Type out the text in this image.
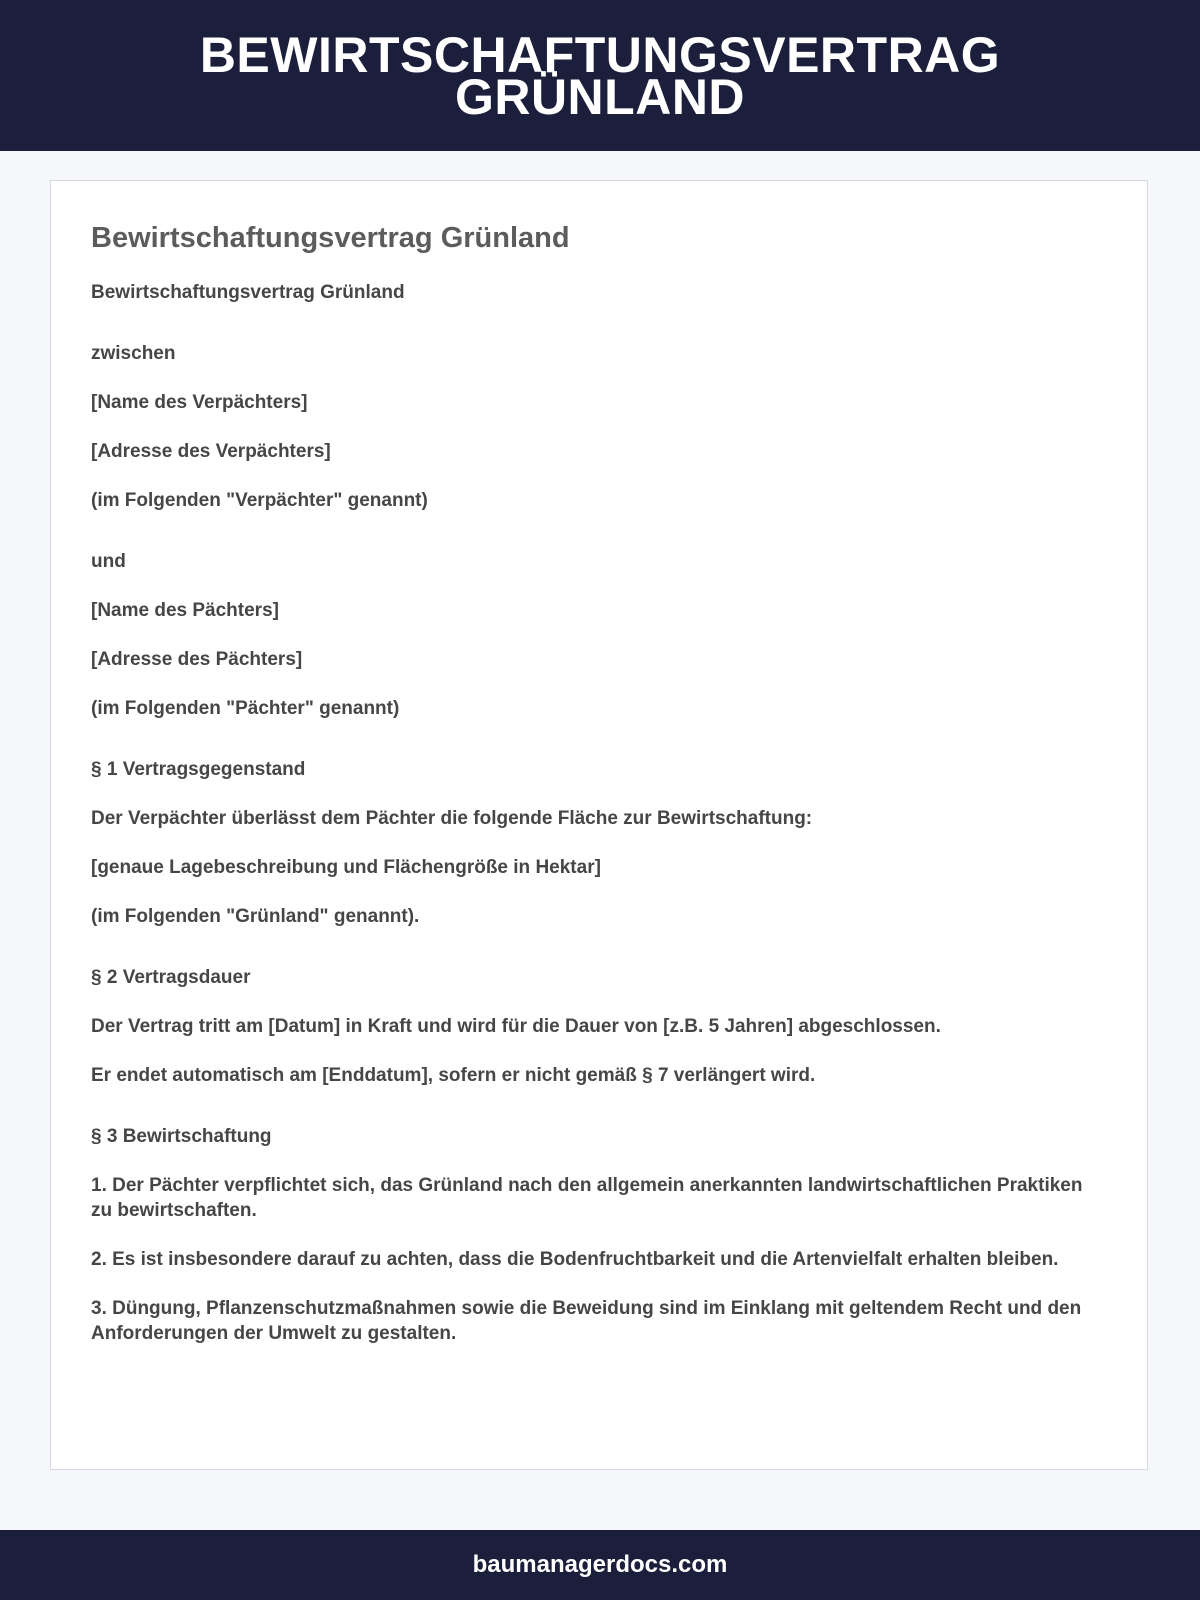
BEWIRTSCHAFTUNGSVERTRAG GRÜNLAND
Bewirtschaftungsvertrag Grünland

Bewirtschaftungsvertrag Grünland

zwischen

[Name des Verpächters]

[Adresse des Verpächters]

(im Folgenden "Verpächter" genannt)

und

[Name des Pächters]

[Adresse des Pächters]

(im Folgenden "Pächter" genannt)

§ 1 Vertragsgegenstand

Der Verpächter überlässt dem Pächter die folgende Fläche zur Bewirtschaftung:

[genaue Lagebeschreibung und Flächengröße in Hektar]

(im Folgenden "Grünland" genannt).

§ 2 Vertragsdauer

Der Vertrag tritt am [Datum] in Kraft und wird für die Dauer von [z.B. 5 Jahren] abgeschlossen.

Er endet automatisch am [Enddatum], sofern er nicht gemäß § 7 verlängert wird.

§ 3 Bewirtschaftung

1. Der Pächter verpflichtet sich, das Grünland nach den allgemein anerkannten landwirtschaftlichen Praktiken zu bewirtschaften.

2. Es ist insbesondere darauf zu achten, dass die Bodenfruchtbarkeit und die Artenvielfalt erhalten bleiben.

3. Düngung, Pflanzenschutzmaßnahmen sowie die Beweidung sind im Einklang mit geltendem Recht und den Anforderungen der Umwelt zu gestalten.

baumanagerdocs.com
